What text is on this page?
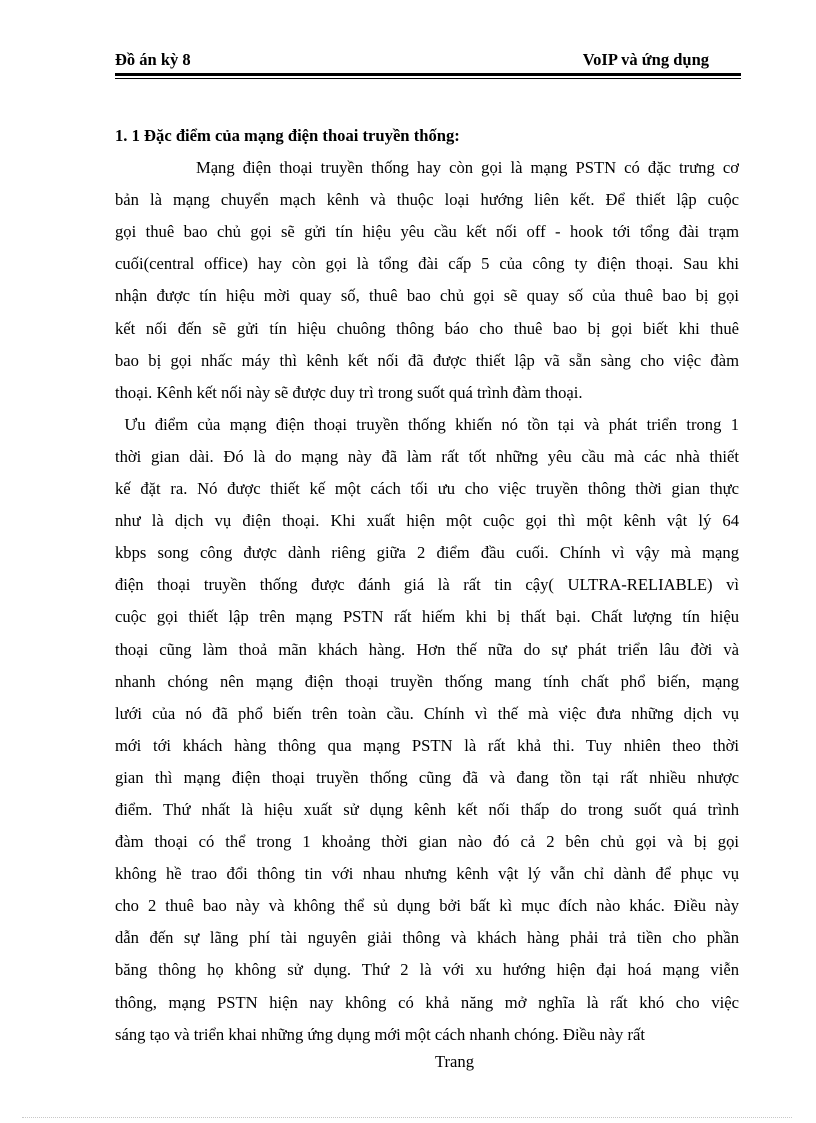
Đồ án kỳ 8	VoIP và ứng dụng

1. 1 Đặc điểm của mạng điện thoai truyền thống:

Mạng điện thoại truyền thống hay còn gọi là mạng PSTN có đặc trưng cơ
bản là mạng chuyển mạch kênh và thuộc loại hướng liên kết. Để thiết lập cuộc
gọi thuê bao chủ gọi sẽ gửi tín hiệu yêu cầu kết nối off - hook tới tổng đài trạm
cuối(central office) hay còn gọi là tổng đài cấp 5 của công ty điện thoại. Sau khi
nhận được tín hiệu mời quay số, thuê bao chủ gọi sẽ quay số của thuê bao bị gọi
kết nối đến sẽ gửi tín hiệu chuông thông báo cho thuê bao bị gọi biết khi thuê
bao bị gọi nhấc máy thì kênh kết nối đã được thiết lập vã sẵn sàng cho việc đàm
thoại. Kênh kết nối này sẽ được duy trì trong suốt quá trình đàm thoại.
Ưu điểm của mạng điện thoại truyền thống khiến nó tồn tại và phát triển trong 1
thời gian dài. Đó là do mạng này đã làm rất tốt những yêu cầu mà các nhà thiết
kế đặt ra. Nó được thiết kế một cách tối ưu cho việc truyền thông thời gian thực
như là dịch vụ điện thoại. Khi xuất hiện một cuộc gọi thì một kênh vật lý 64
kbps song công được dành riêng giữa 2 điểm đầu cuối. Chính vì vậy mà mạng
điện thoại truyền thống được đánh giá là rất tin cậy( ULTRA-RELIABLE) vì
cuộc gọi thiết lập trên mạng PSTN rất hiếm khi bị thất bại. Chất lượng tín hiệu
thoại cũng làm thoả mãn khách hàng. Hơn thế nữa do sự phát triển lâu đời và
nhanh chóng nên mạng điện thoại truyền thống mang tính chất phổ biến, mạng
lưới của nó đã phổ biến trên toàn cầu. Chính vì thế mà việc đưa những dịch vụ
mới tới khách hàng thông qua mạng PSTN là rất khả thi. Tuy nhiên theo thời
gian thì mạng điện thoại truyền thống cũng đã và đang tồn tại rất nhiều nhược
điểm. Thứ nhất là hiệu xuất sử dụng kênh kết nối thấp do trong suốt quá trình
đàm thoại có thể trong 1 khoảng thời gian nào đó cả 2 bên chủ gọi và bị gọi
không hề trao đổi thông tin với nhau nhưng kênh vật lý vẫn chỉ dành để phục vụ
cho 2 thuê bao này và không thể sủ dụng bởi bất kì mục đích nào khác. Điều này
dẫn đến sự lãng phí tài nguyên giải thông và khách hàng phải trả tiền cho phần
băng thông họ không sử dụng. Thứ 2 là với xu hướng hiện đại hoá mạng viễn
thông, mạng PSTN hiện nay không có khả năng mở nghĩa là rất khó cho việc
sáng tạo và triển khai những ứng dụng mới một cách nhanh chóng. Điều này rất
Trang
